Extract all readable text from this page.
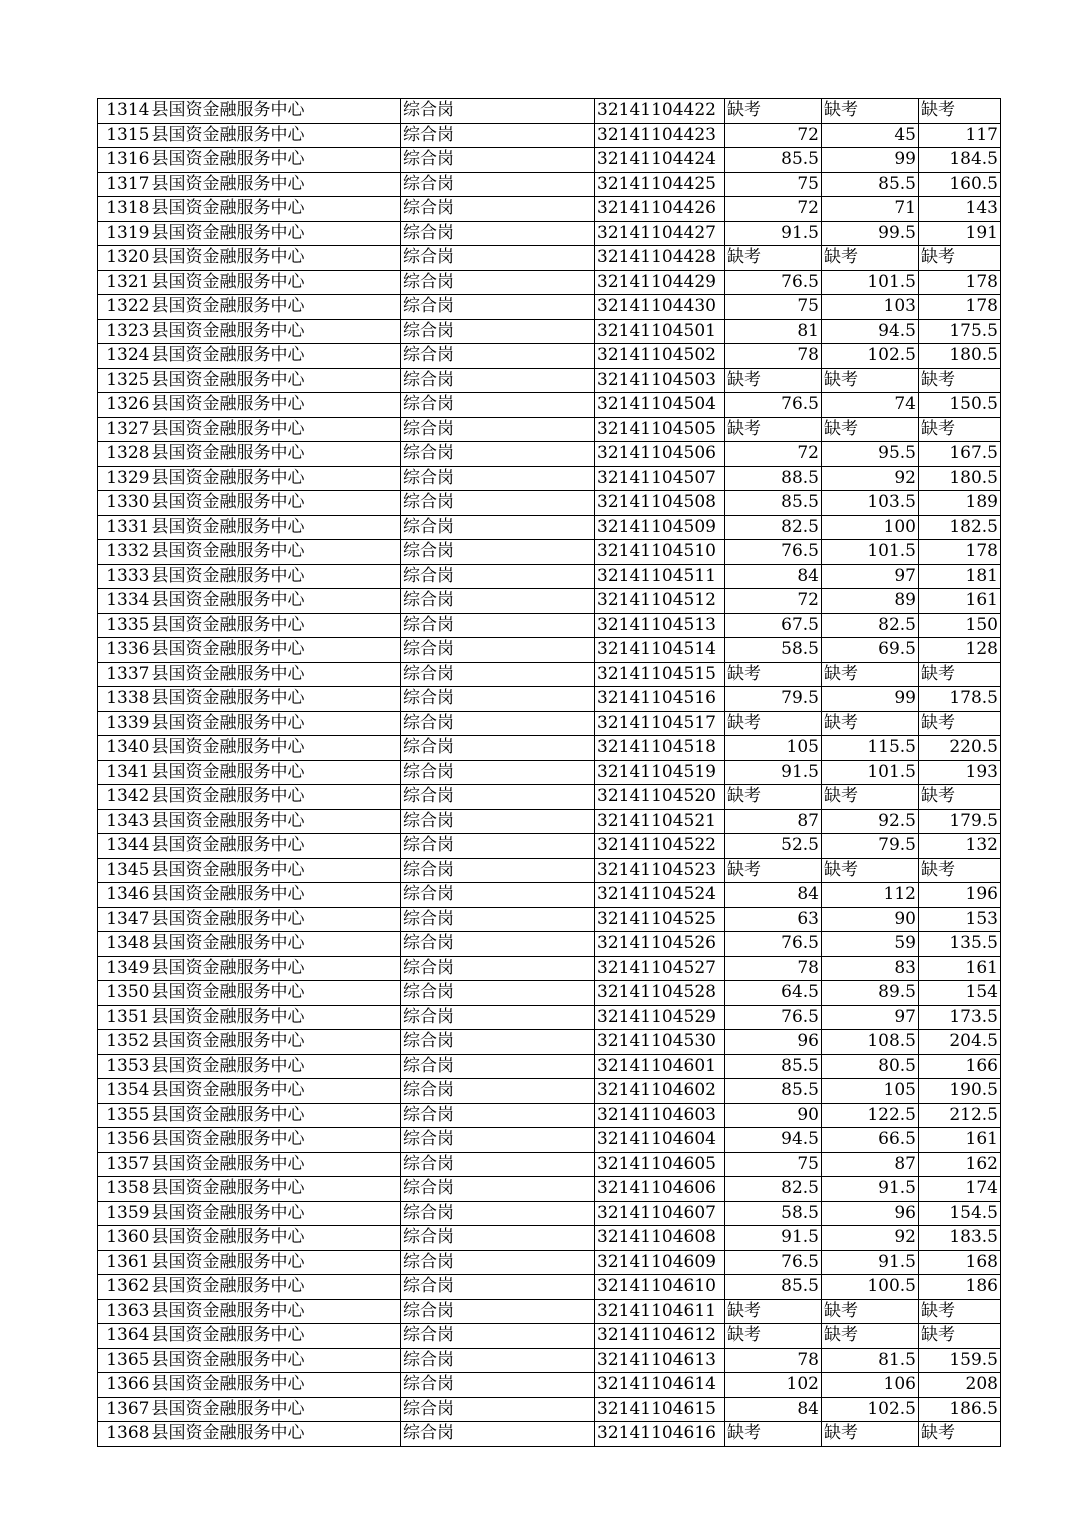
1314	县国资金融服务中心	综合岗	32141104422	缺考	缺考	缺考
1315	县国资金融服务中心	综合岗	32141104423	72	45	117
1316	县国资金融服务中心	综合岗	32141104424	85.5	99	184.5
1317	县国资金融服务中心	综合岗	32141104425	75	85.5	160.5
1318	县国资金融服务中心	综合岗	32141104426	72	71	143
1319	县国资金融服务中心	综合岗	32141104427	91.5	99.5	191
1320	县国资金融服务中心	综合岗	32141104428	缺考	缺考	缺考
1321	县国资金融服务中心	综合岗	32141104429	76.5	101.5	178
1322	县国资金融服务中心	综合岗	32141104430	75	103	178
1323	县国资金融服务中心	综合岗	32141104501	81	94.5	175.5
1324	县国资金融服务中心	综合岗	32141104502	78	102.5	180.5
1325	县国资金融服务中心	综合岗	32141104503	缺考	缺考	缺考
1326	县国资金融服务中心	综合岗	32141104504	76.5	74	150.5
1327	县国资金融服务中心	综合岗	32141104505	缺考	缺考	缺考
1328	县国资金融服务中心	综合岗	32141104506	72	95.5	167.5
1329	县国资金融服务中心	综合岗	32141104507	88.5	92	180.5
1330	县国资金融服务中心	综合岗	32141104508	85.5	103.5	189
1331	县国资金融服务中心	综合岗	32141104509	82.5	100	182.5
1332	县国资金融服务中心	综合岗	32141104510	76.5	101.5	178
1333	县国资金融服务中心	综合岗	32141104511	84	97	181
1334	县国资金融服务中心	综合岗	32141104512	72	89	161
1335	县国资金融服务中心	综合岗	32141104513	67.5	82.5	150
1336	县国资金融服务中心	综合岗	32141104514	58.5	69.5	128
1337	县国资金融服务中心	综合岗	32141104515	缺考	缺考	缺考
1338	县国资金融服务中心	综合岗	32141104516	79.5	99	178.5
1339	县国资金融服务中心	综合岗	32141104517	缺考	缺考	缺考
1340	县国资金融服务中心	综合岗	32141104518	105	115.5	220.5
1341	县国资金融服务中心	综合岗	32141104519	91.5	101.5	193
1342	县国资金融服务中心	综合岗	32141104520	缺考	缺考	缺考
1343	县国资金融服务中心	综合岗	32141104521	87	92.5	179.5
1344	县国资金融服务中心	综合岗	32141104522	52.5	79.5	132
1345	县国资金融服务中心	综合岗	32141104523	缺考	缺考	缺考
1346	县国资金融服务中心	综合岗	32141104524	84	112	196
1347	县国资金融服务中心	综合岗	32141104525	63	90	153
1348	县国资金融服务中心	综合岗	32141104526	76.5	59	135.5
1349	县国资金融服务中心	综合岗	32141104527	78	83	161
1350	县国资金融服务中心	综合岗	32141104528	64.5	89.5	154
1351	县国资金融服务中心	综合岗	32141104529	76.5	97	173.5
1352	县国资金融服务中心	综合岗	32141104530	96	108.5	204.5
1353	县国资金融服务中心	综合岗	32141104601	85.5	80.5	166
1354	县国资金融服务中心	综合岗	32141104602	85.5	105	190.5
1355	县国资金融服务中心	综合岗	32141104603	90	122.5	212.5
1356	县国资金融服务中心	综合岗	32141104604	94.5	66.5	161
1357	县国资金融服务中心	综合岗	32141104605	75	87	162
1358	县国资金融服务中心	综合岗	32141104606	82.5	91.5	174
1359	县国资金融服务中心	综合岗	32141104607	58.5	96	154.5
1360	县国资金融服务中心	综合岗	32141104608	91.5	92	183.5
1361	县国资金融服务中心	综合岗	32141104609	76.5	91.5	168
1362	县国资金融服务中心	综合岗	32141104610	85.5	100.5	186
1363	县国资金融服务中心	综合岗	32141104611	缺考	缺考	缺考
1364	县国资金融服务中心	综合岗	32141104612	缺考	缺考	缺考
1365	县国资金融服务中心	综合岗	32141104613	78	81.5	159.5
1366	县国资金融服务中心	综合岗	32141104614	102	106	208
1367	县国资金融服务中心	综合岗	32141104615	84	102.5	186.5
1368	县国资金融服务中心	综合岗	32141104616	缺考	缺考	缺考
